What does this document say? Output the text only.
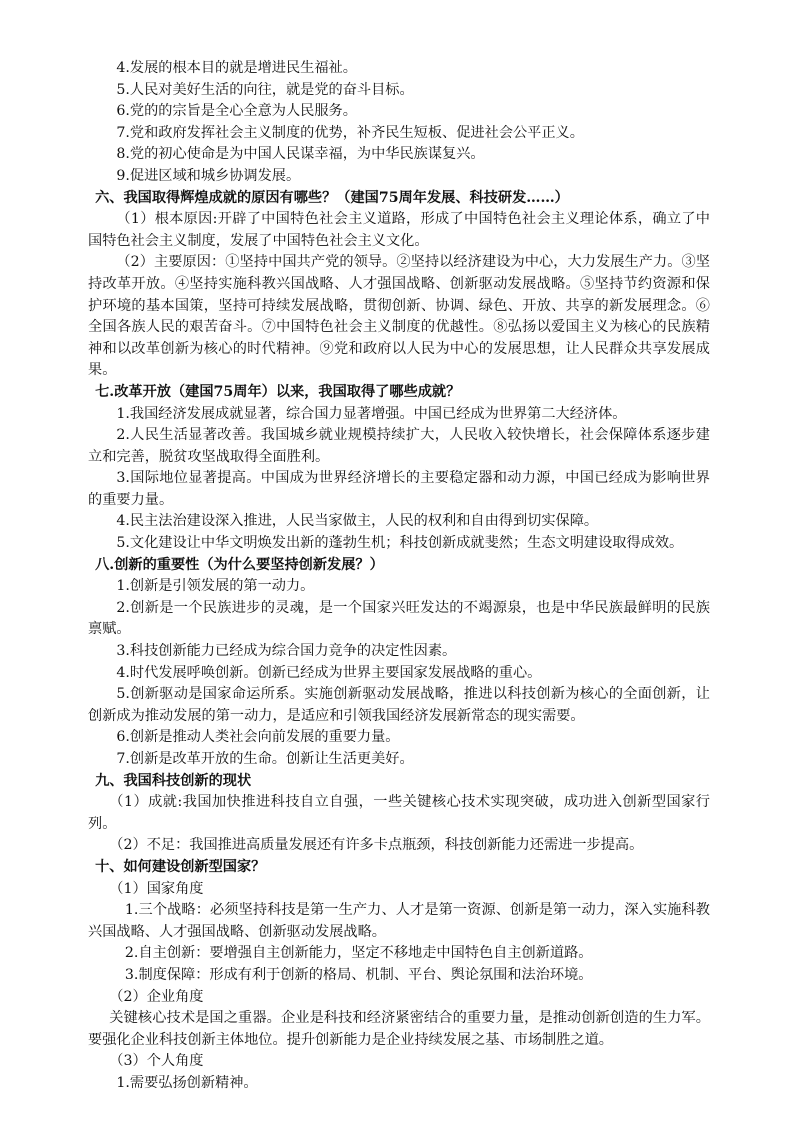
4.发展的根本目的就是增进民生福祉。

5.人民对美好生活的向往，就是党的奋斗目标。

6.党的的宗旨是全心全意为人民服务。

7.党和政府发挥社会主义制度的优势，补齐民生短板、促进社会公平正义。

8.党的初心使命是为中国人民谋幸福，为中华民族谋复兴。

9.促进区域和城乡协调发展。

六、我国取得辉煌成就的原因有哪些？（建国75周年发展、科技研发……）

（1）根本原因:开辟了中国特色社会主义道路，形成了中国特色社会主义理论体系，确立了中国特色社会主义制度，发展了中国特色社会主义文化。

（2）主要原因：①坚持中国共产党的领导。②坚持以经济建设为中心，大力发展生产力。③坚持改革开放。④坚持实施科教兴国战略、人才强国战略、创新驱动发展战略。⑤坚持节约资源和保护环境的基本国策，坚持可持续发展战略，贯彻创新、协调、绿色、开放、共享的新发展理念。⑥全国各族人民的艰苦奋斗。⑦中国特色社会主义制度的优越性。⑧弘扬以爱国主义为核心的民族精神和以改革创新为核心的时代精神。⑨党和政府以人民为中心的发展思想，让人民群众共享发展成果。

七.改革开放（建国75周年）以来，我国取得了哪些成就？

1.我国经济发展成就显著，综合国力显著增强。中国已经成为世界第二大经济体。

2.人民生活显著改善。我国城乡就业规模持续扩大，人民收入较快增长，社会保障体系逐步建立和完善，脱贫攻坚战取得全面胜利。

3.国际地位显著提高。中国成为世界经济增长的主要稳定器和动力源，中国已经成为影响世界的重要力量。

4.民主法治建设深入推进，人民当家做主，人民的权利和自由得到切实保障。

5.文化建设让中华文明焕发出新的蓬勃生机；科技创新成就斐然；生态文明建设取得成效。

八.创新的重要性（为什么要坚持创新发展？）

1.创新是引领发展的第一动力。

2.创新是一个民族进步的灵魂，是一个国家兴旺发达的不竭源泉，也是中华民族最鲜明的民族禀赋。

3.科技创新能力已经成为综合国力竞争的决定性因素。

4.时代发展呼唤创新。创新已经成为世界主要国家发展战略的重心。

5.创新驱动是国家命运所系。实施创新驱动发展战略，推进以科技创新为核心的全面创新，让创新成为推动发展的第一动力，是适应和引领我国经济发展新常态的现实需要。

6.创新是推动人类社会向前发展的重要力量。

7.创新是改革开放的生命。创新让生活更美好。

九、我国科技创新的现状

（1）成就:我国加快推进科技自立自强，一些关键核心技术实现突破，成功进入创新型国家行列。

（2）不足：我国推进高质量发展还有许多卡点瓶颈，科技创新能力还需进一步提高。

十、如何建设创新型国家？

（1）国家角度

1.三个战略：必须坚持科技是第一生产力、人才是第一资源、创新是第一动力，深入实施科教兴国战略、人才强国战略、创新驱动发展战略。

2.自主创新：要增强自主创新能力，坚定不移地走中国特色自主创新道路。

3.制度保障：形成有利于创新的格局、机制、平台、舆论氛围和法治环境。

（2）企业角度

关键核心技术是国之重器。企业是科技和经济紧密结合的重要力量，是推动创新创造的生力军。要强化企业科技创新主体地位。提升创新能力是企业持续发展之基、市场制胜之道。

（3）个人角度

1.需要弘扬创新精神。
